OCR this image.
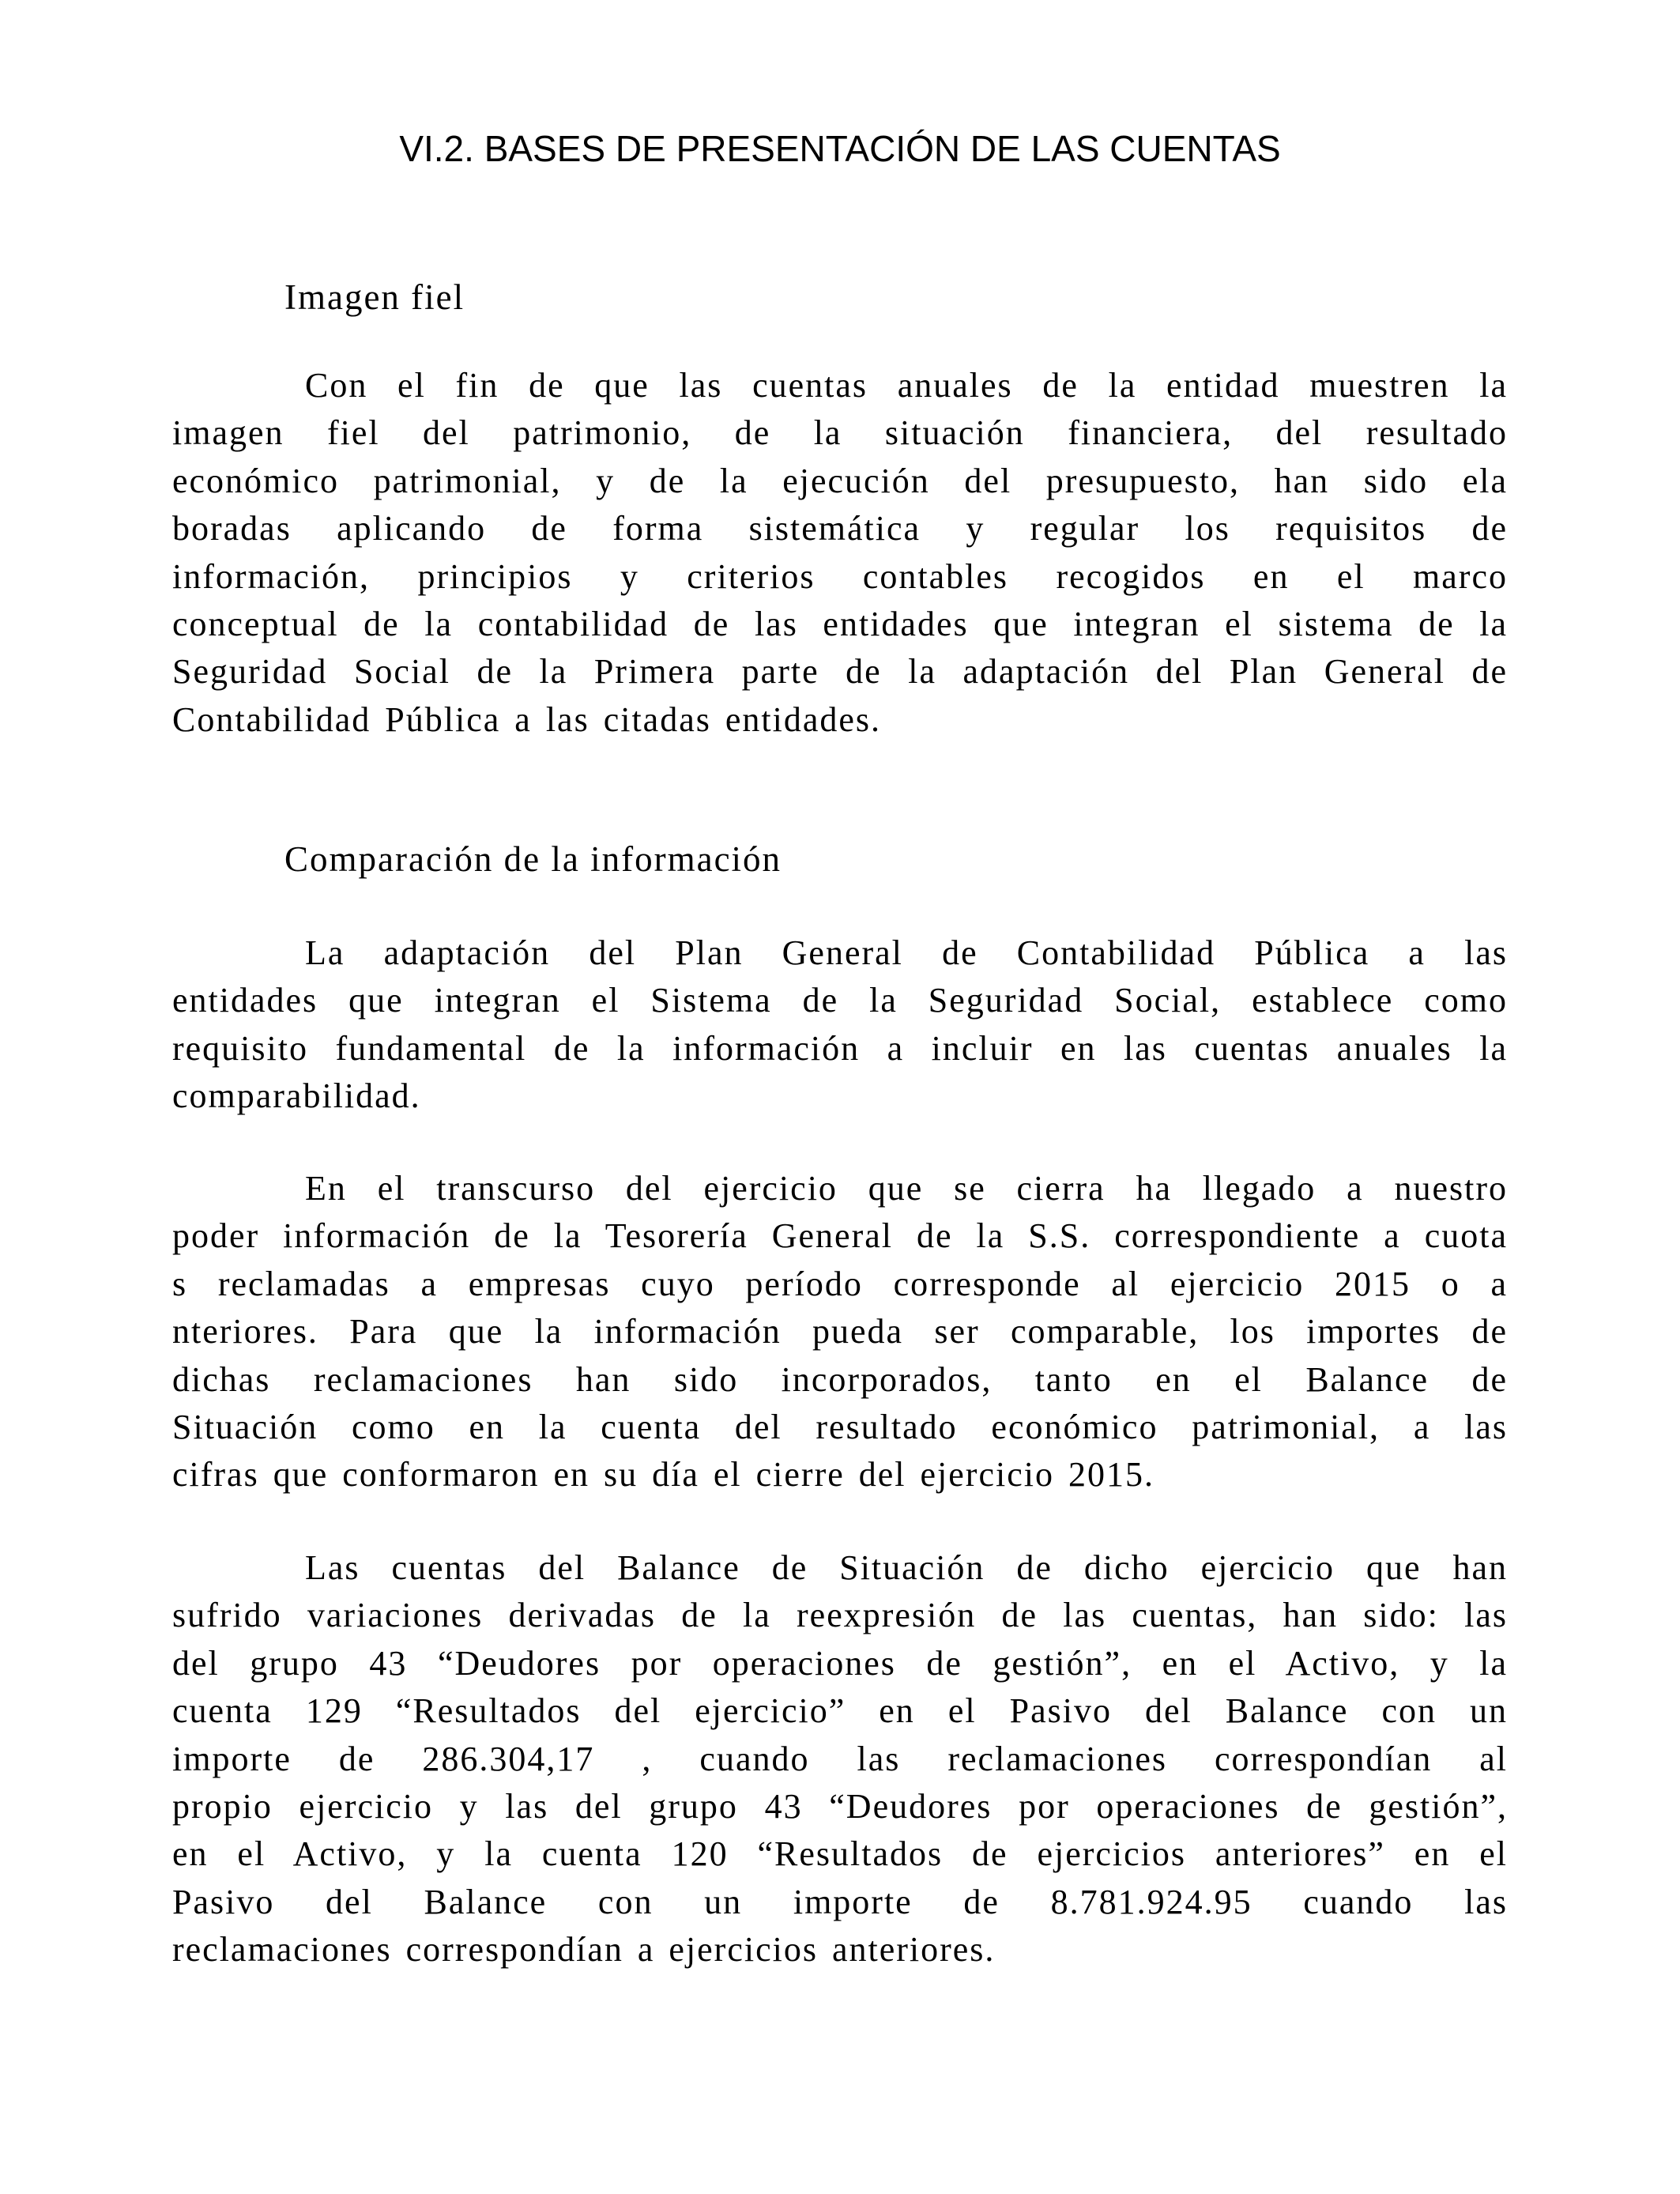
VI.2. BASES DE PRESENTACIÓN DE LAS CUENTAS
Imagen fiel

Con el fin de que las cuentas anuales de la entidad muestren la
imagen fiel del patrimonio, de la situación financiera, del resultado
económico patrimonial, y de la ejecución del presupuesto, han sido ela
boradas aplicando de forma sistemática y regular los requisitos de
información, principios y criterios contables recogidos en el marco
conceptual de la contabilidad de las entidades que integran el sistema de la
Seguridad Social de la Primera parte de la adaptación del Plan General de
Contabilidad Pública a las citadas entidades.

Comparación de la información

La adaptación del Plan General de Contabilidad Pública a las
entidades que integran el Sistema de la Seguridad Social, establece como
requisito fundamental de la información a incluir en las cuentas anuales la
comparabilidad.

En el transcurso del ejercicio que se cierra ha llegado a nuestro
poder información de la Tesorería General de la S.S. correspondiente a cuota
s reclamadas a empresas cuyo período corresponde al ejercicio 2015 o a
nteriores. Para que la información pueda ser comparable, los importes de
dichas reclamaciones han sido incorporados, tanto en el Balance de
Situación como en la cuenta del resultado económico patrimonial, a las
cifras que conformaron en su día el cierre del ejercicio 2015.

Las cuentas del Balance de Situación de dicho ejercicio que han
sufrido variaciones derivadas de la reexpresión de las cuentas, han sido: las
del grupo 43 “Deudores por operaciones de gestión”, en el Activo, y la
cuenta 129 “Resultados del ejercicio” en el Pasivo del Balance con un
importe de 286.304,17 , cuando las reclamaciones correspondían al
propio ejercicio y las del grupo 43 “Deudores por operaciones de gestión”,
en el Activo, y la cuenta 120 “Resultados de ejercicios anteriores” en el
Pasivo del Balance con un importe de 8.781.924.95 cuando las
reclamaciones correspondían a ejercicios anteriores.
